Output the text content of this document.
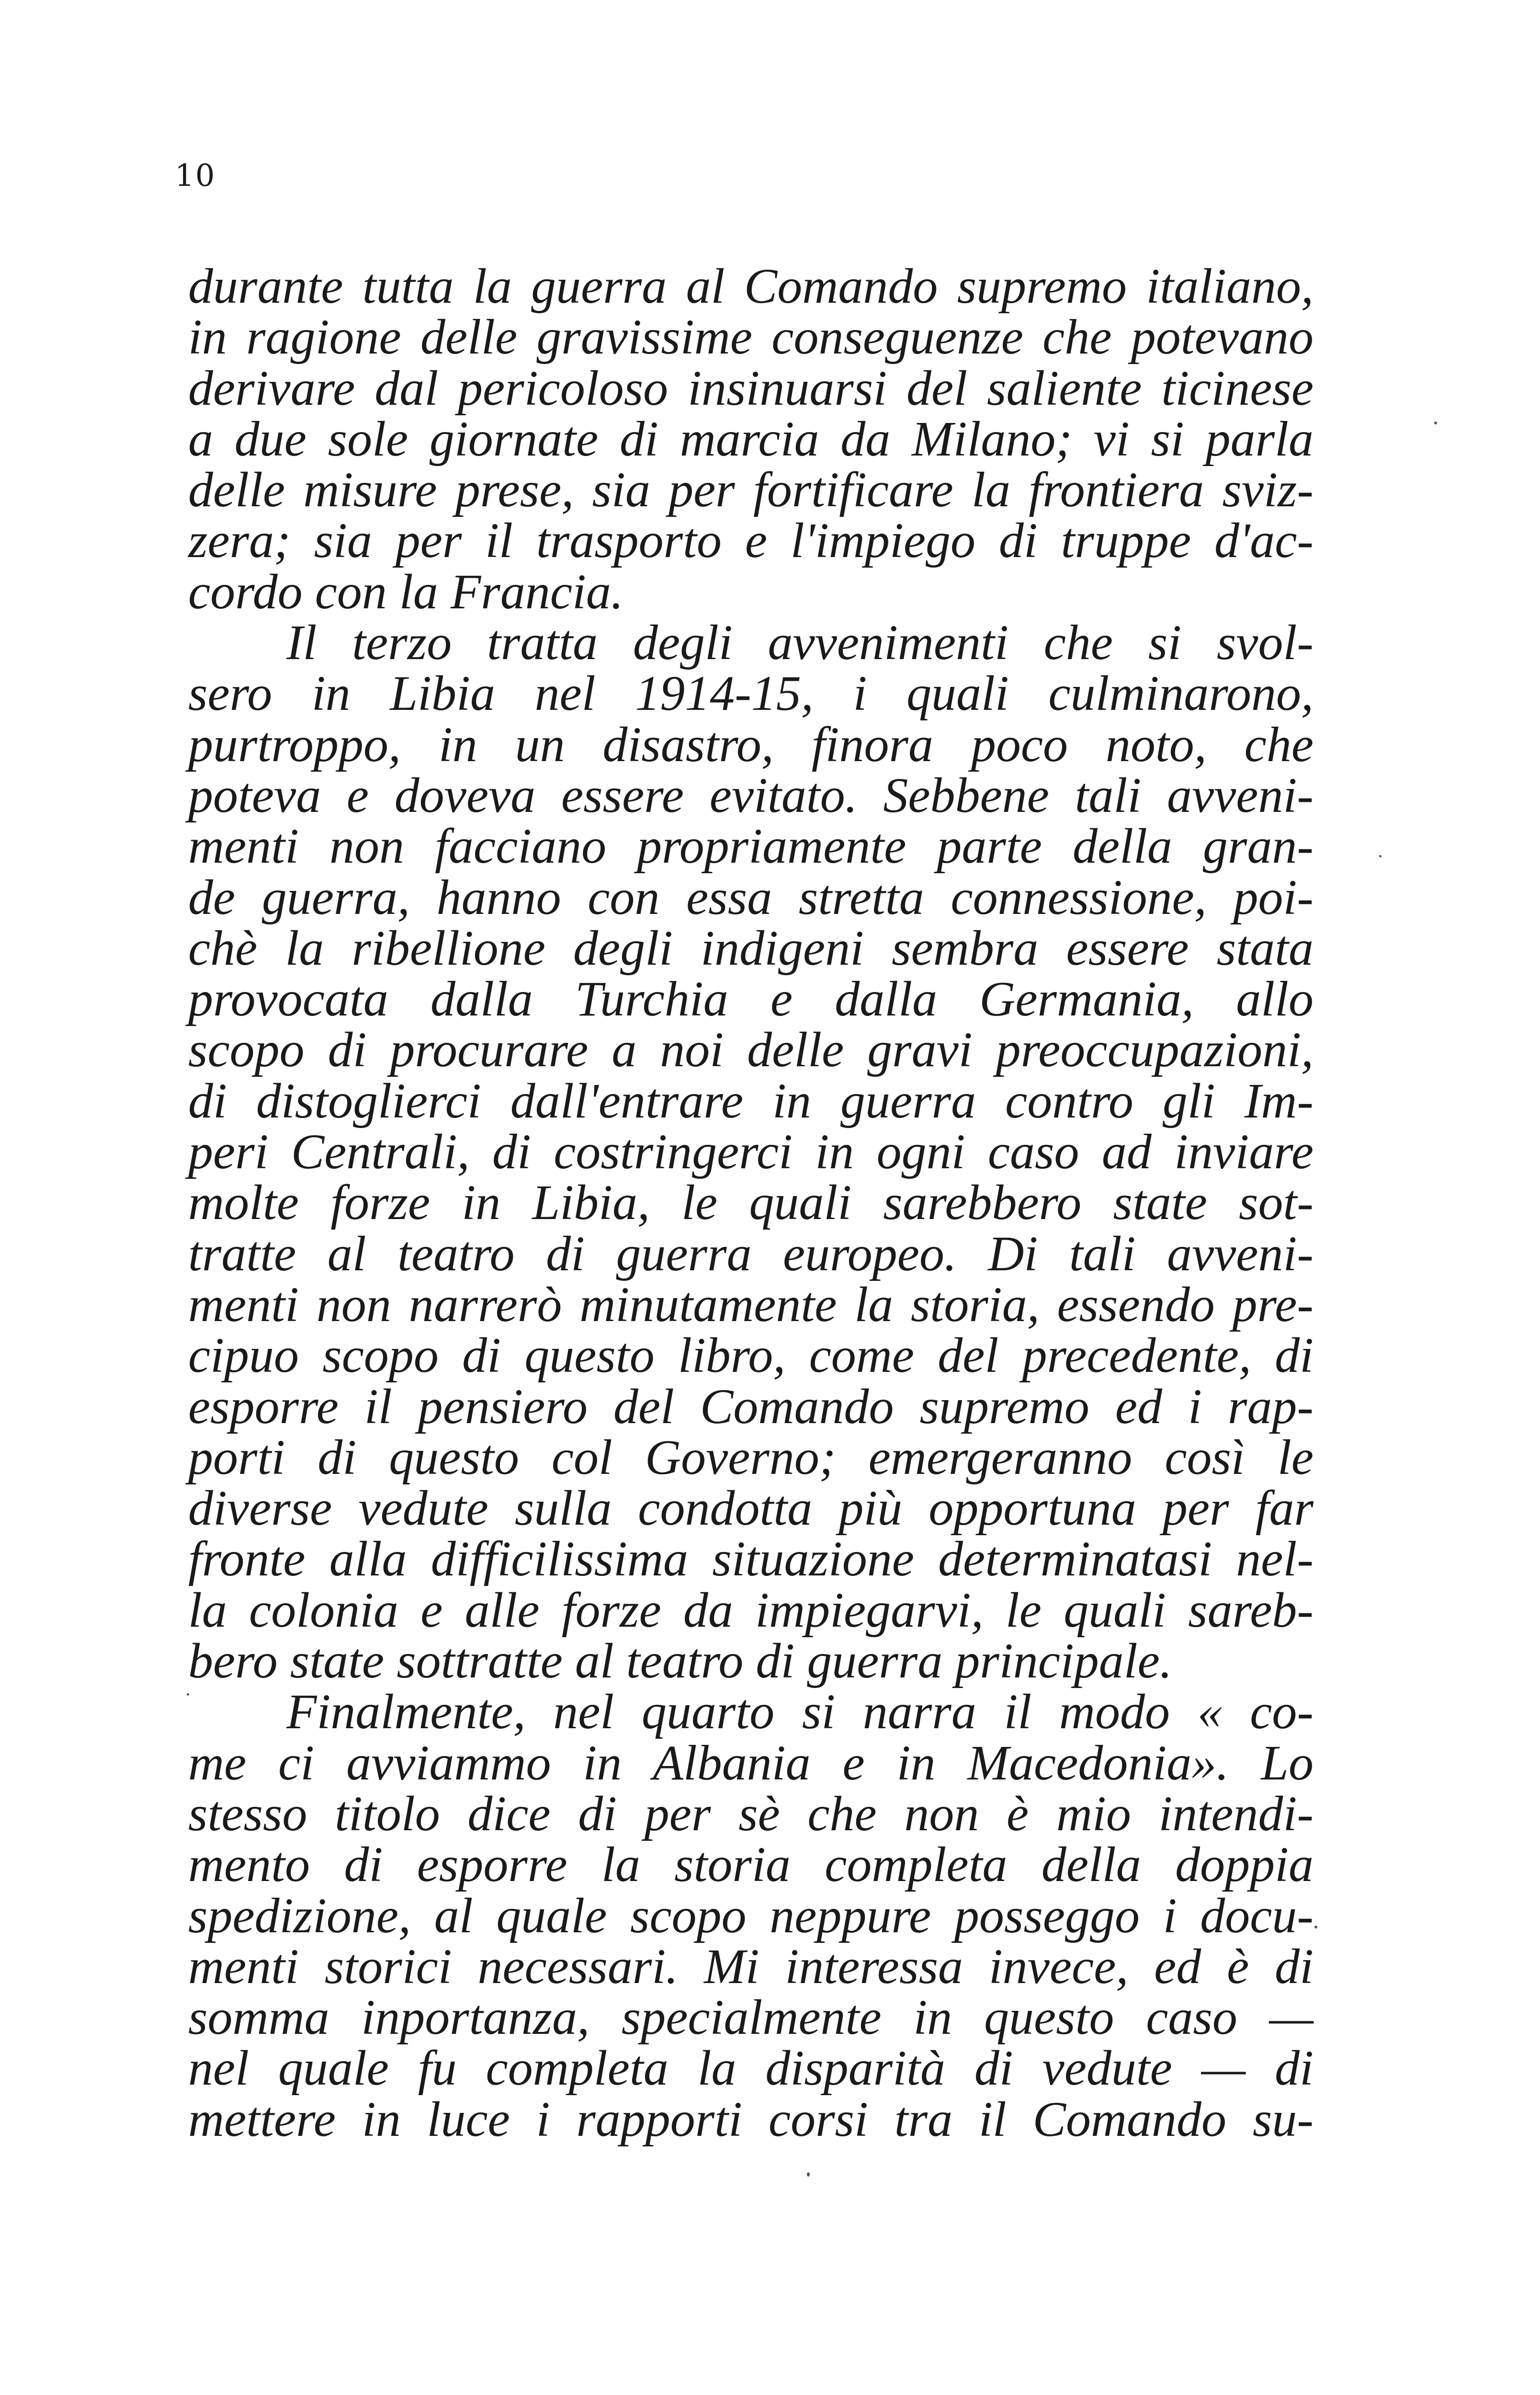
10
durante tutta la guerra al Comando supremo italiano,
in ragione delle gravissime conseguenze che potevano
derivare dal pericoloso insinuarsi del saliente ticinese
a due sole giornate di marcia da Milano; vi si parla
delle misure prese, sia per fortificare la frontiera sviz-
zera; sia per il trasporto e l'impiego di truppe d'ac-
cordo con la Francia.
Il terzo tratta degli avvenimenti che si svol-
sero in Libia nel 1914-15, i quali culminarono,
purtroppo, in un disastro, finora poco noto, che
poteva e doveva essere evitato. Sebbene tali avveni-
menti non facciano propriamente parte della gran-
de guerra, hanno con essa stretta connessione, poi-
chè la ribellione degli indigeni sembra essere stata
provocata dalla Turchia e dalla Germania, allo
scopo di procurare a noi delle gravi preoccupazioni,
di distoglierci dall'entrare in guerra contro gli Im-
peri Centrali, di costringerci in ogni caso ad inviare
molte forze in Libia, le quali sarebbero state sot-
tratte al teatro di guerra europeo. Di tali avveni-
menti non narrerò minutamente la storia, essendo pre-
cipuo scopo di questo libro, come del precedente, di
esporre il pensiero del Comando supremo ed i rap-
porti di questo col Governo; emergeranno così le
diverse vedute sulla condotta più opportuna per far
fronte alla difficilissima situazione determinatasi nel-
la colonia e alle forze da impiegarvi, le quali sareb-
bero state sottratte al teatro di guerra principale.
Finalmente, nel quarto si narra il modo « co-
me ci avviammo in Albania e in Macedonia». Lo
stesso titolo dice di per sè che non è mio intendi-
mento di esporre la storia completa della doppia
spedizione, al quale scopo neppure posseggo i docu-
menti storici necessari. Mi interessa invece, ed è di
somma inportanza, specialmente in questo caso —
nel quale fu completa la disparità di vedute — di
mettere in luce i rapporti corsi tra il Comando su-
